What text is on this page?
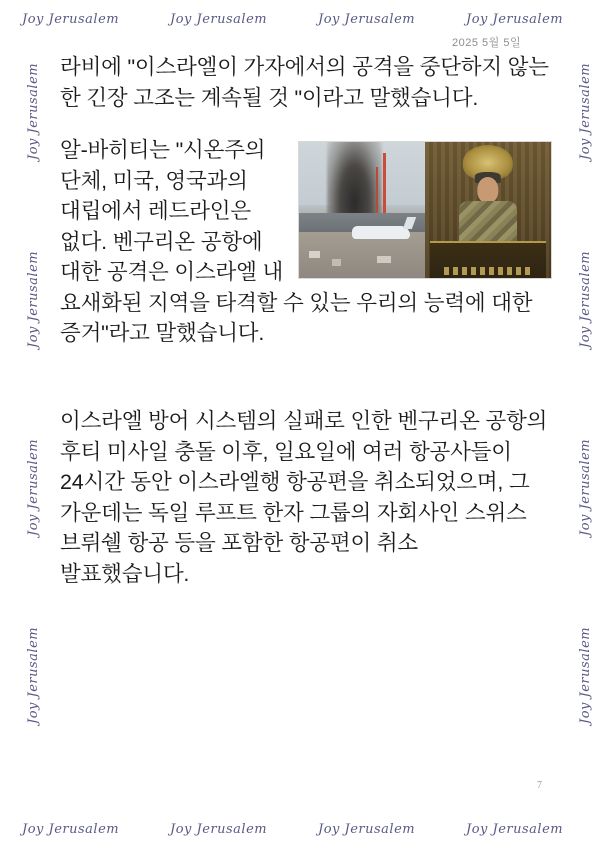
Joy Jerusalem	Joy Jerusalem	Joy Jerusalem	Joy Jerusalem
Joy Jerusalem	Joy Jerusalem	Joy Jerusalem	Joy Jerusalem
Joy Jerusalem
Joy Jerusalem
Joy Jerusalem
Joy Jerusalem
Joy Jerusalem
Joy Jerusalem
Joy Jerusalem
Joy Jerusalem
2025 5월 5일

라비에 "이스라엘이 가자에서의 공격을 중단하지 않는 한 긴장 고조는 계속될 것 "이라고 말했습니다.

알-바히티는 "시온주의 단체, 미국, 영국과의 대립에서 레드라인은 없다. 벤구리온 공항에 대한 공격은 이스라엘 내 요새화된 지역을 타격할 수 있는 우리의 능력에 대한 증거"라고 말했습니다.

이스라엘 방어 시스템의 실패로 인한 벤구리온 공항의 후티 미사일 충돌 이후, 일요일에 여러 항공사들이 24시간 동안 이스라엘행 항공편을 취소되었으며, 그 가운데는 독일 루프트 한자 그룹의 자회사인 스위스 브뤼쉘 항공 등을 포함한 항공편이 취소 발표했습니다.

7
